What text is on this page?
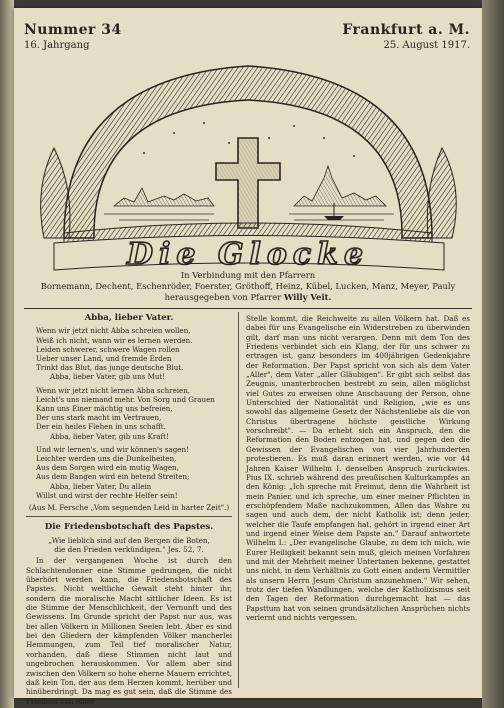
Nummer 34
16. Jahrgang
Frankfurt a. M.
25. August 1917.
Die Glocke
In Verbindung mit den Pfarrern
Bornemann, Dechent, Eschenröder, Foerster, Gröthoff, Heinz, Kübel, Lucken, Manz, Meyer, Pauly
herausgegeben von Pfarrer Willy Veit.
Abba, lieber Vater.
Wenn wir jetzt nicht Abba schreien wollen,
Weiß ich nicht, wann wir es lernen werden.
Leiden schwerer, schwere Wagen rollen
Ueber unser Land, und fremde Erden
Trinkt das Blut, das junge deutsche Blut.
Abba, lieber Vater, gib uns Mut!
Wenn wir jetzt nicht lernen Abba schreien,
Leicht's uns niemand mehr. Von Sorg und Grauen
Kann uns Einer mächtig uns befreien,
Der uns stark macht im Vertrauen,
Der ein heiles Flehen in uns schafft.
Abba, lieber Vater, gib uns Kraft!
Und wir lernen's, und wir können's sagen!
Leichter werden uns die Dunkelheiten,
Aus dem Sorgen wird ein mutig Wagen,
Aus dem Bangen wird ein betend Streiten;
Abba, lieber Vater, Du allein
Willst und wirst der rechte Helfer sein!
(Aus M. Fersche „Vom segnenden Leid in harter Zeit".)
Die Friedensbotschaft des Papstes.
„Wie lieblich sind auf den Bergen die Boten,
die den Frieden verkündigen." Jes. 52, 7.

In der vergangenen Woche ist durch den Schlachtendonner eine Stimme gedrungen, die nicht überhört werden kann, die Friedensbotschaft des Papstes. Nicht weltliche Gewalt steht hinter ihr, sondern die moralische Macht sittlicher Ideen. Es ist die Stimme der Menschlichkeit, der Vernunft und des Gewissens. Im Grunde spricht der Papst nur aus, was bei allen Völkern in Millionen Seelen lebt. Aber es sind bei den Gliedern der kämpfenden Völker mancherlei Hemmungen, zum Teil tief moralischer Natur, vorhanden, daß diese Stimmen nicht laut und ungebrochen herauskommen. Vor allem aber sind zwischen den Völkern so hohe eherne Mauern errichtet, daß kein Ton, der aus dem Herzen kommt, herüber und hinüberdringt. Da mag es gut sein, daß die Stimme des Friedens von einer

Stelle kommt, die Reichweite zu allen Völkern hat. Daß es dabei für uns Evangelische ein Widerstreben zu überwinden gilt, darf man uns nicht verargen. Denn mit dem Ton des Friedens verbindet sich ein Klang, der für uns schwer zu ertragen ist, ganz besonders im 400jährigen Gedenkjahre der Reformation. Der Papst spricht von sich als dem Vater „Aller", dem Vater „aller Gläubigen". Er gibt sich selbst das Zeugnis, unanterbrochen bestrebt zu sein, allen möglichst viel Gutes zu erweisen ohne Anschauung der Person, ohne Unterschied der Nationalität und Religion, „wie es uns sowohl das allgemeine Gesetz der Nächstenliebe als die von Christus übertragene höchste geistliche Wirkung vorschreibt". — Da erhebt sich ein Anspruch, den die Reformation den Boden entzogen hat, und gegen den die Gewissen der Evangelischen von vier Jahrhunderten protestieren. Es muß daran erinnert werden, wie vor 44 Jahren Kaiser Wilhelm I. denselben Anspruch zurückwies. Pius IX. schrieb während des preußischen Kulturkampfes an den König: „Ich spreche mit Freimut, denn die Wahrheit ist mein Panier, und ich spreche, um einer meiner Pflichten in erschöpfendem Maße nachzukommen, Allen das Wahre zu sagen und auch dem, der nicht Katholik ist; denn jeder, welcher die Taufe empfangen hat, gehört in irgend einer Art und irgend einer Weise dem Papste an." Darauf antwortete Wilhelm I.: „Der evangelische Glaube, zu dem ich mich, wie Eurer Heiligkeit bekannt sein muß, gleich meinen Vorfahren und mit der Mehrheit meiner Untertanen bekenne, gestattet uns nicht, in dem Verhältnis zu Gott einen andern Vermittler als unsern Herrn Jesum Christum anzunehmen." Wir sehen, trotz der tiefen Wandlungen, welche der Katholizismus seit den Tagen der Reformation durchgemacht hat — das Papsttum hat von seinen grundsätzlichen Ansprüchen nichts verlernt und nichts vergessen.
